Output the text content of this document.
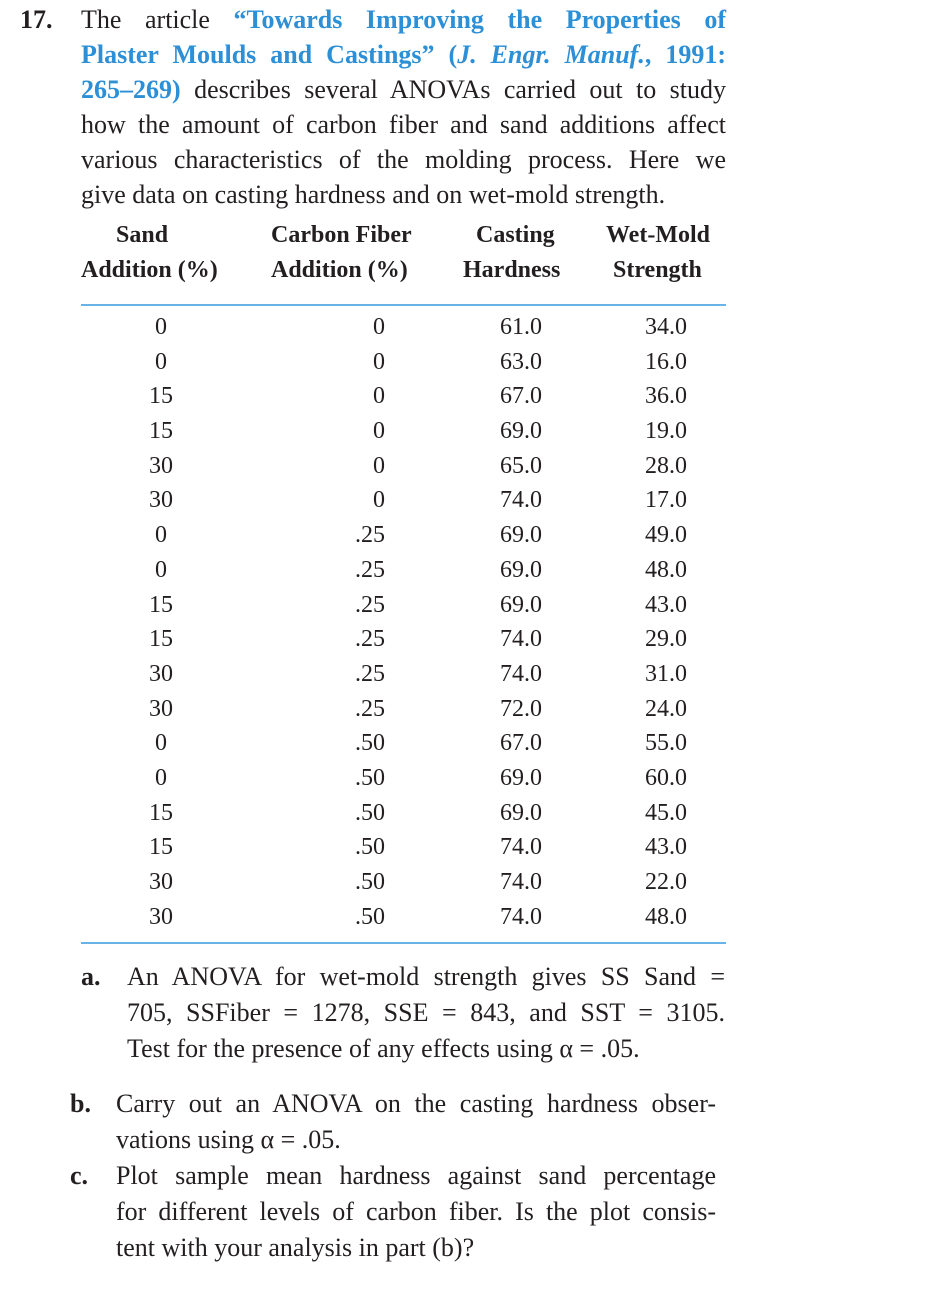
17. The article “Towards Improving the Properties of
Plaster Moulds and Castings” (J. Engr. Manuf., 1991:
265–269) describes several ANOVAs carried out to study
how the amount of carbon fiber and sand additions affect
various characteristics of the molding process. Here we
give data on casting hardness and on wet-mold strength.
Sand	Carbon Fiber	Casting Wet-Mold
Addition (%) Addition (%) Hardness Strength
0	0	61.0	34.0
0	0	63.0	16.0
15	0	67.0	36.0
15	0	69.0	19.0
30	0	65.0	28.0
30	0	74.0	17.0
0	.25	69.0	49.0
0	.25	69.0	48.0
15	.25	69.0	43.0
15	.25	74.0	29.0
30	.25	74.0	31.0
30	.25	72.0	24.0
0	.50	67.0	55.0
0	.50	69.0	60.0
15	.50	69.0	45.0
15	.50	74.0	43.0
30	.50	74.0	22.0
30	.50	74.0	48.0
a. An ANOVA for wet-mold strength gives SS Sand =
705, SSFiber = 1278, SSE = 843, and SST = 3105.
Test for the presence of any effects using α = .05.
b. Carry out an ANOVA on the casting hardness obser-
vations using α = .05.
c. Plot sample mean hardness against sand percentage
for different levels of carbon fiber. Is the plot consis-
tent with your analysis in part (b)?
